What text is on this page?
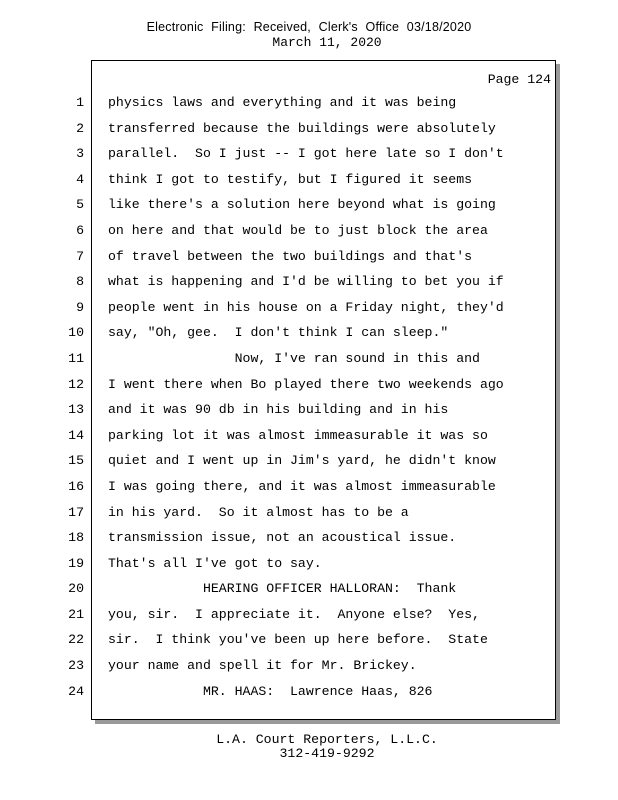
Electronic Filing: Received, Clerk's Office 03/18/2020
March 11, 2020
Page 124
1 physics laws and everything and it was being
2 transferred because the buildings were absolutely
3 parallel.  So I just -- I got here late so I don't
4 think I got to testify, but I figured it seems
5 like there's a solution here beyond what is going
6 on here and that would be to just block the area
7 of travel between the two buildings and that's
8 what is happening and I'd be willing to bet you if
9 people went in his house on a Friday night, they'd
10 say, "Oh, gee.  I don't think I can sleep."
11 Now, I've ran sound in this and
12 I went there when Bo played there two weekends ago
13 and it was 90 db in his building and in his
14 parking lot it was almost immeasurable it was so
15 quiet and I went up in Jim's yard, he didn't know
16 I was going there, and it was almost immeasurable
17 in his yard.  So it almost has to be a
18 transmission issue, not an acoustical issue.
19 That's all I've got to say.
20 HEARING OFFICER HALLORAN:  Thank
21 you, sir.  I appreciate it.  Anyone else?  Yes,
22 sir.  I think you've been up here before.  State
23 your name and spell it for Mr. Brickey.
24 MR. HAAS:  Lawrence Haas, 826
L.A. Court Reporters, L.L.C.
312-419-9292
